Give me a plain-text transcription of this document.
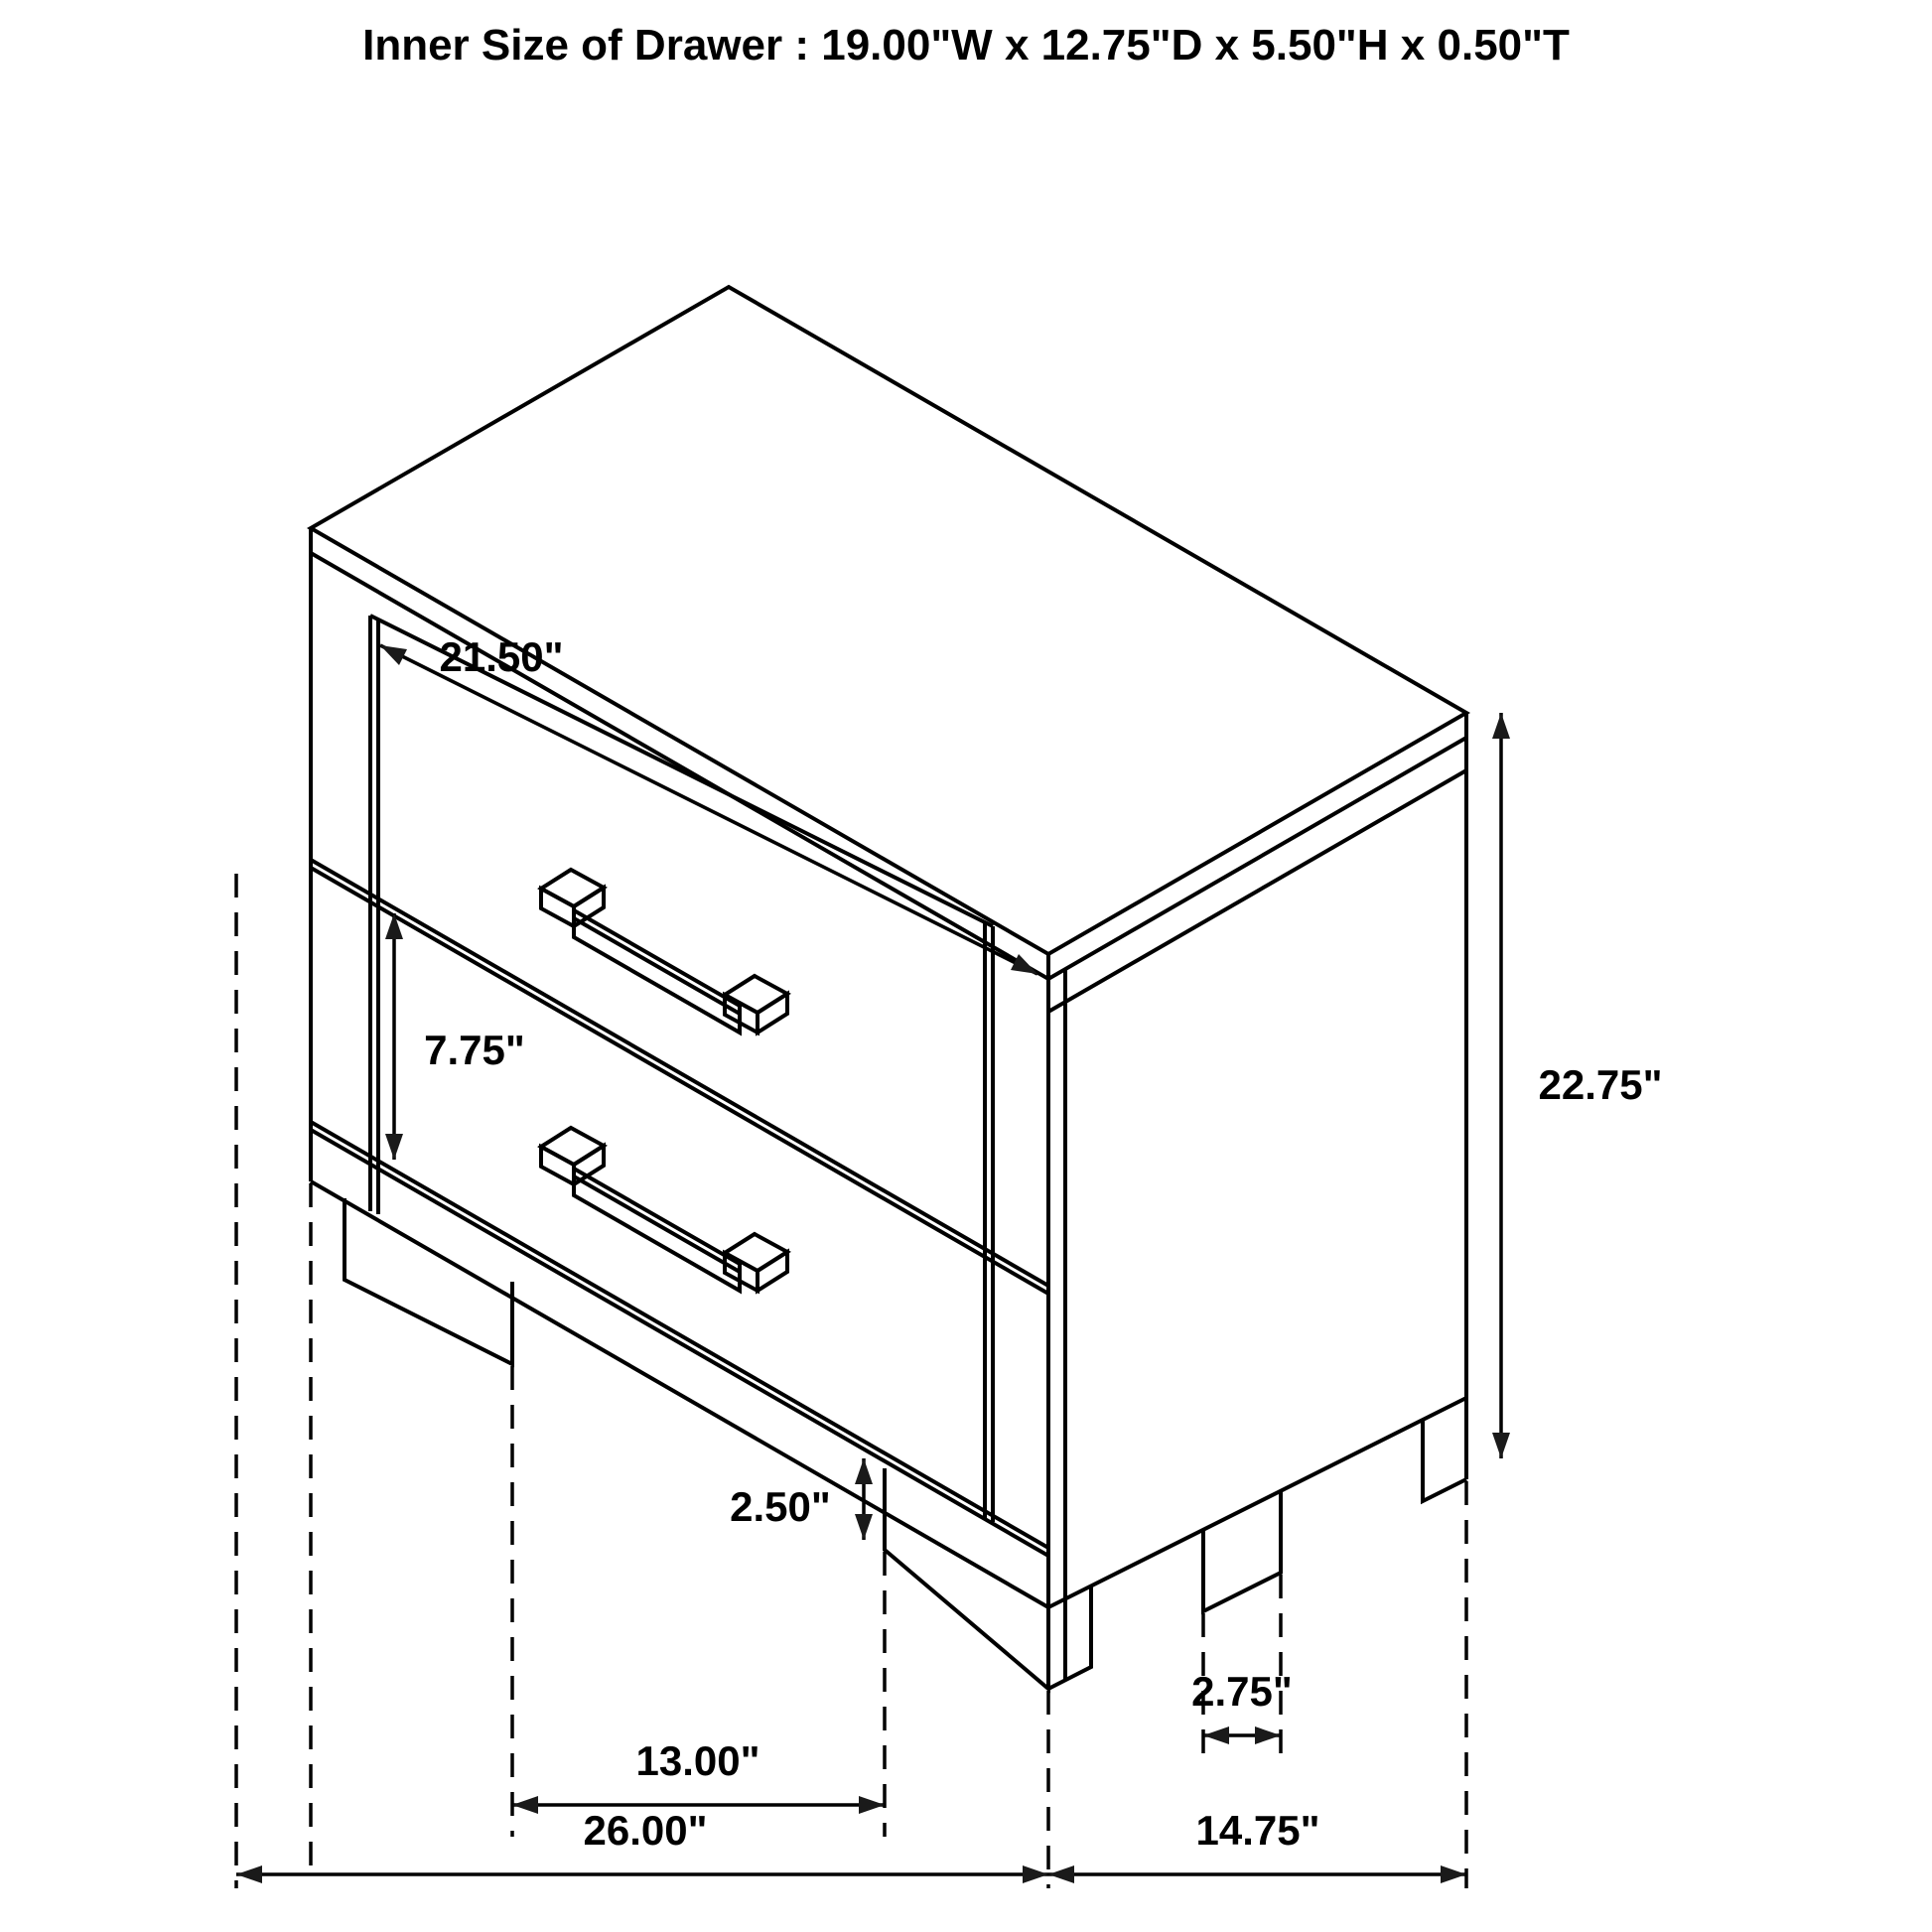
Inner Size of Drawer : 19.00"W x 12.75"D x 5.50"H x 0.50"T
21.50"
7.75"
22.75"
2.50"
13.00"
2.75"
26.00"	14.75"
